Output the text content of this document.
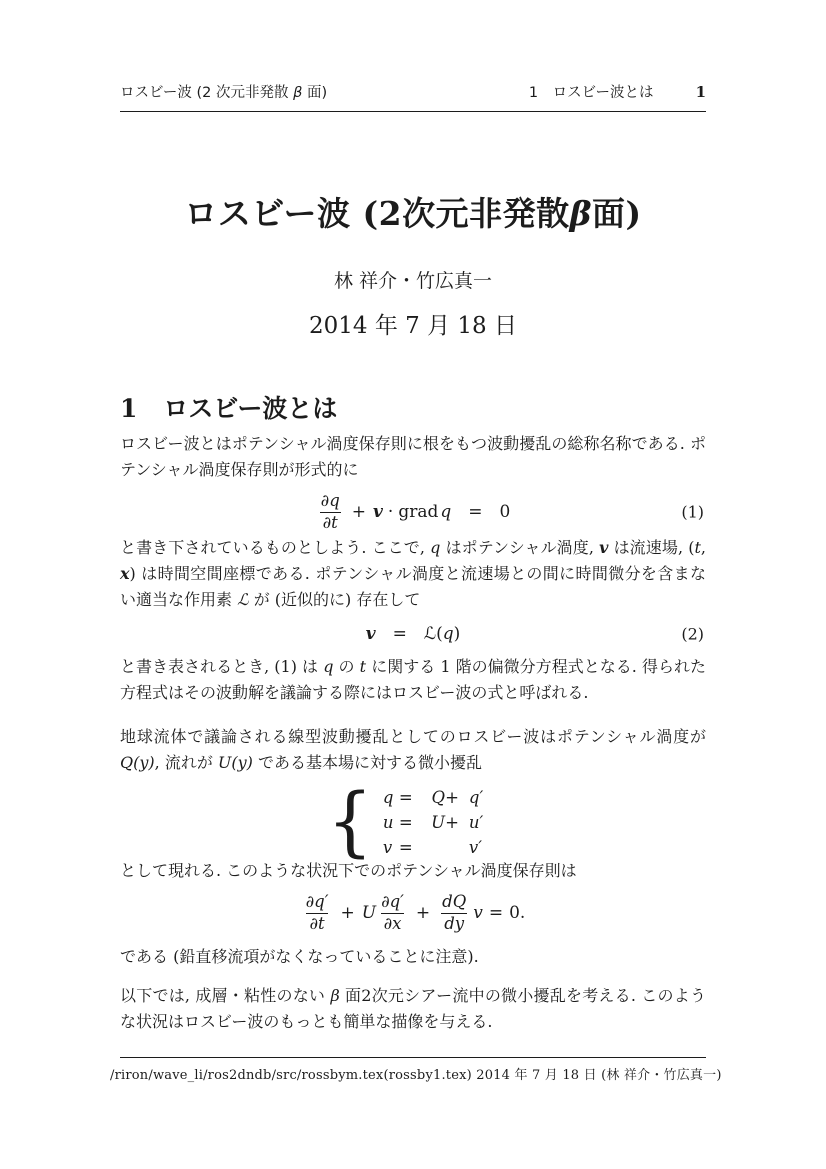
ロスビー波 (2 次元非発散 β 面)	1　ロスビー波とは	1
ロスビー波 (2次元非発散β面)
林 祥介・竹広真一
2014 年 7 月 18 日
1 ロスビー波とは

ロスビー波とはポテンシャル渦度保存則に根をもつ波動擾乱の総称名称である. ポテンシャル渦度保存則が形式的に

$\frac{\partial q}{\partial t} + v$ · grad q = 0	(1)

と書き下されているものとしよう. ここで, q はポテンシャル渦度, v は流速場, (t, x) は時間空間座標である. ポテンシャル渦度と流速場との間に時間微分を含まない適当な作用素 ℒ が (近似的に) 存在して

v = ℒ(q)	(2)

と書き表されるとき, (1) は q の t に関する 1 階の偏微分方程式となる. 得られた方程式はその波動解を議論する際にはロスビー波の式と呼ばれる.

地球流体で議論される線型波動擾乱としてのロスビー波はポテンシャル渦度が Q(y), 流れが U(y) である基本場に対する微小擾乱

{ q =	Q+ q′
u =	U+ u′
v =	v′

として現れる. このような状況下でのポテンシャル渦度保存則は

$\frac{\partial q'}{\partial t} + U \frac{\partial q'}{\partial x} + \frac{dQ}{dy}$ v = 0.

である (鉛直移流項がなくなっていることに注意).

以下では, 成層・粘性のない β 面2次元シアー流中の微小擾乱を考える. このような状況はロスビー波のもっとも簡単な描像を与える.

/riron/wave_li/ros2dndb/src/rossbym.tex(rossby1.tex) 2014 年 7 月 18 日 (林 祥介・竹広真一)
